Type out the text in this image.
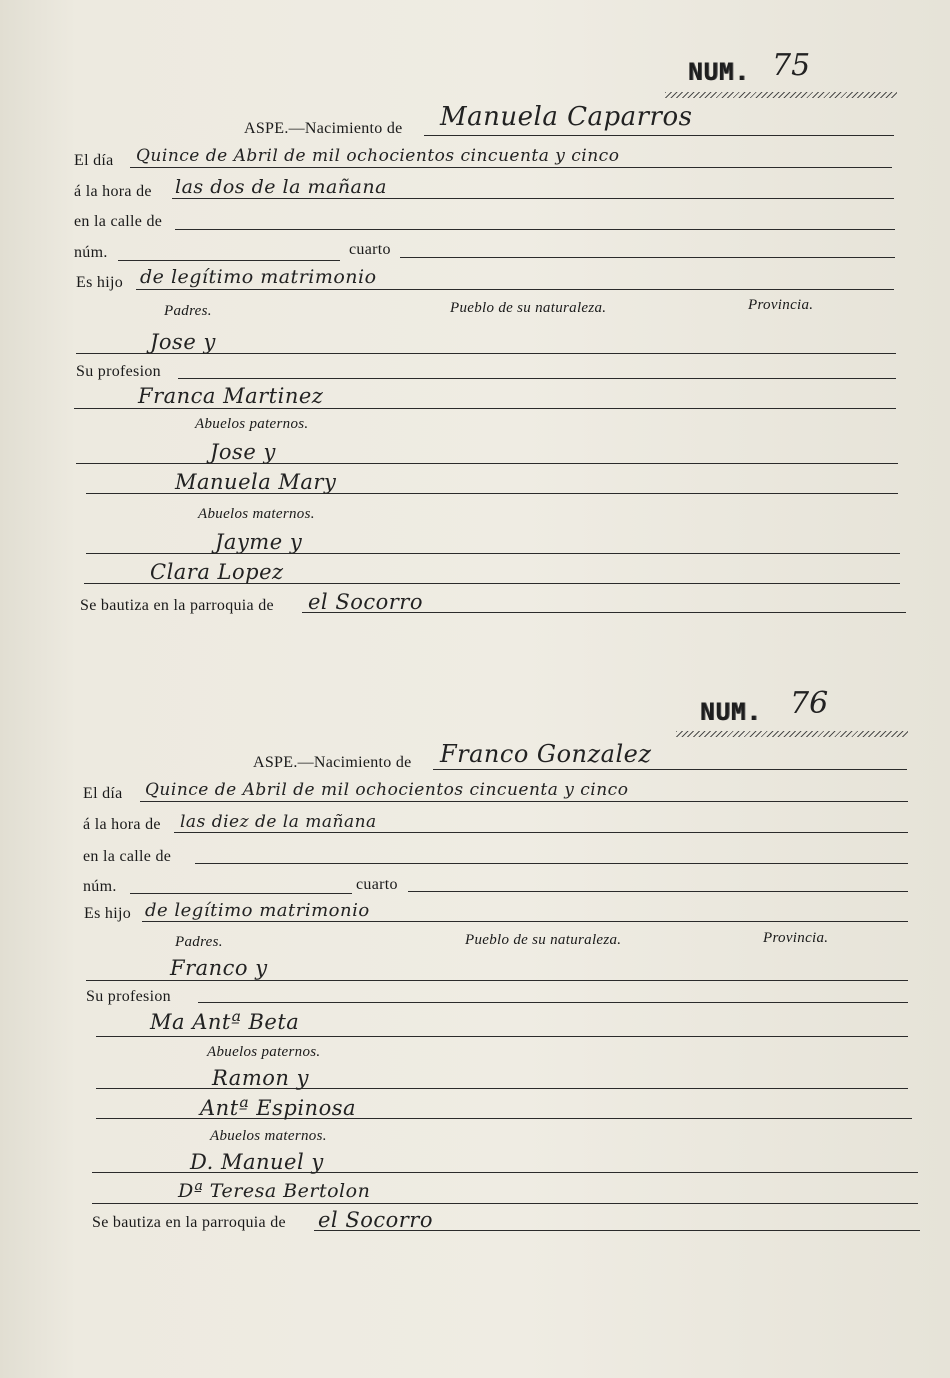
NUM. 75
ASPE.—Nacimiento de Manuela Caparros
El día Quince de Abril de mil ochocientos cincuenta y cinco
á la hora de las dos de la mañana
en la calle de
núm.	cuarto
Es hijo de legítimo matrimonio
Padres.	Pueblo de su naturaleza.	Provincia.
Jose y
Su profesion
Franca Martinez
Abuelos paternos.
Jose y
Manuela Mary
Abuelos maternos.
Jayme y
Clara Lopez
Se bautiza en la parroquia de el Socorro
NUM. 76
ASPE.—Nacimiento de Franco Gonzalez
El día Quince de Abril de mil ochocientos cincuenta y cinco
á la hora de las diez de la mañana
en la calle de
núm.	cuarto
Es hijo de legítimo matrimonio
Padres.	Pueblo de su naturaleza.	Provincia.
Franco y
Su profesion
Ma Antª Beta
Abuelos paternos.
Ramon y
Antª Espinosa
Abuelos maternos.
D. Manuel y
Dª Teresa Bertolon
Se bautiza en la parroquia de el Socorro
